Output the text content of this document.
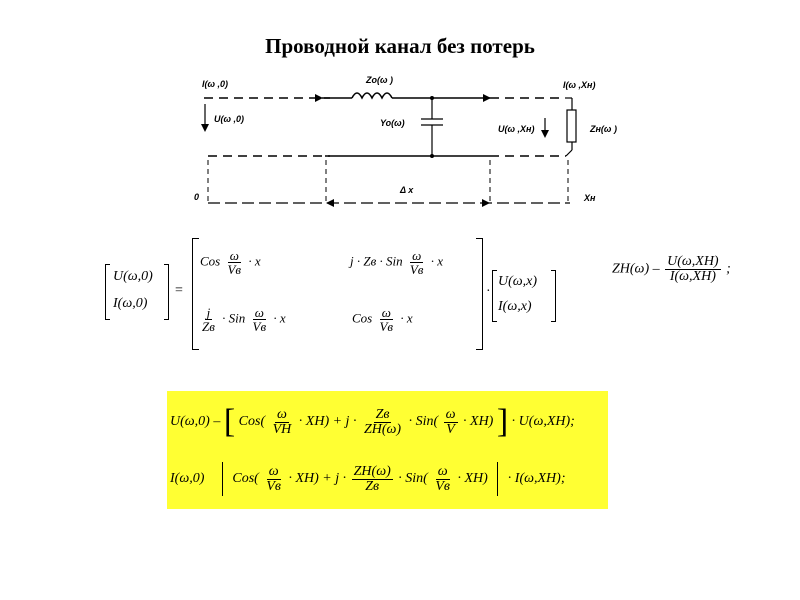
Проводной канал без потерь
I(ω ,0)
U(ω ,0)
Zo(ω )
Yo(ω)
I(ω ,Xн)
U(ω ,Xн)	Zн(ω )
0
Δ x
Xн
U(ω,0)
I(ω,0)
=
Cos $\frac{\omega}{Vв} \cdot x$	j · Zв · Sin $\frac{\omega}{Vв} \cdot x$
$\frac{j}{Zв}$ · Sin $\frac{\omega}{Vв} \cdot x$	Cos $\frac{\omega}{Vв} \cdot x$
·
U(ω,x)
I(ω,x)
$ZH(\omega) - \frac{U(\omega,XH)}{I(\omega,XH)}$ ;
U(ω,0) – [ $Cos( \frac{\omega}{VН} \cdot XH) + j \cdot \frac{Zв}{ZН(\omega)} \cdot Sin( \frac{\omega}{V} \cdot XH)$ ] · U(ω,XH);
I(ω,0) $Cos( \frac{\omega}{Vв} \cdot XH) + j \cdot \frac{ZH(\omega)}{Zв} \cdot Sin( \frac{\omega}{Vв} \cdot XH) \cdot I(\omega,XH)$;
